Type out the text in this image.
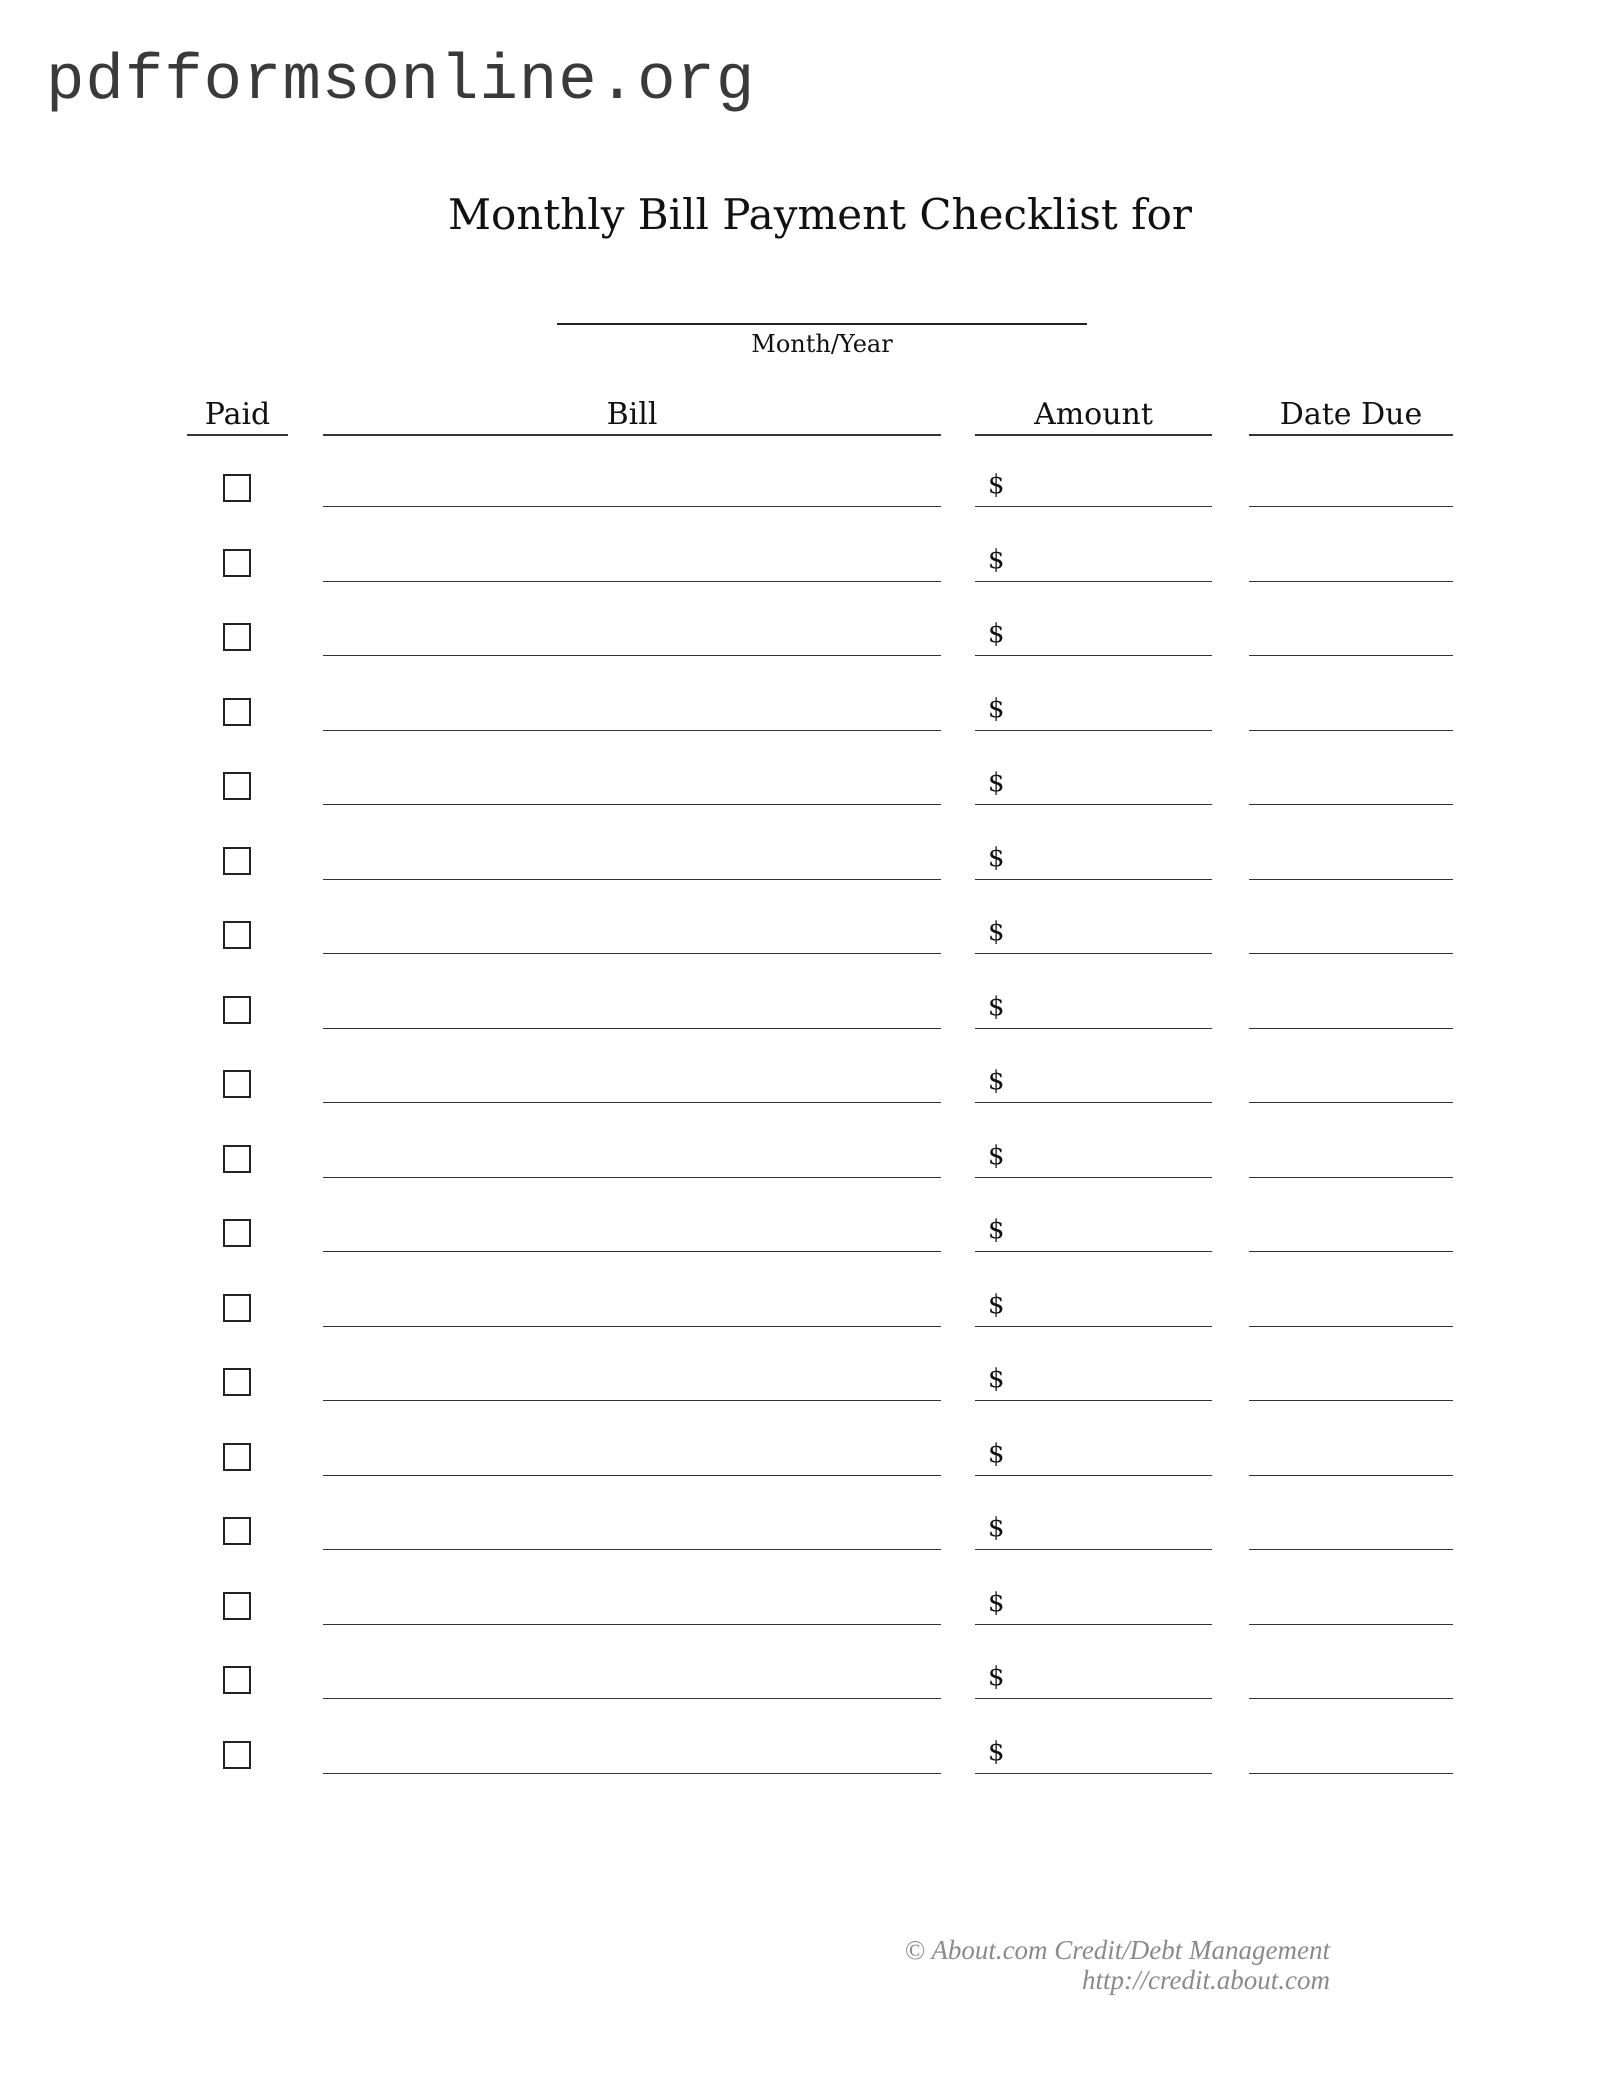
pdfformsonline.org
Monthly Bill Payment Checklist for
Month/Year
Paid	Bill	Amount	Date Due
$
$
$
$
$
$
$
$
$
$
$
$
$
$
$
$
$
$
© About.com Credit/Debt Management
http://credit.about.com
